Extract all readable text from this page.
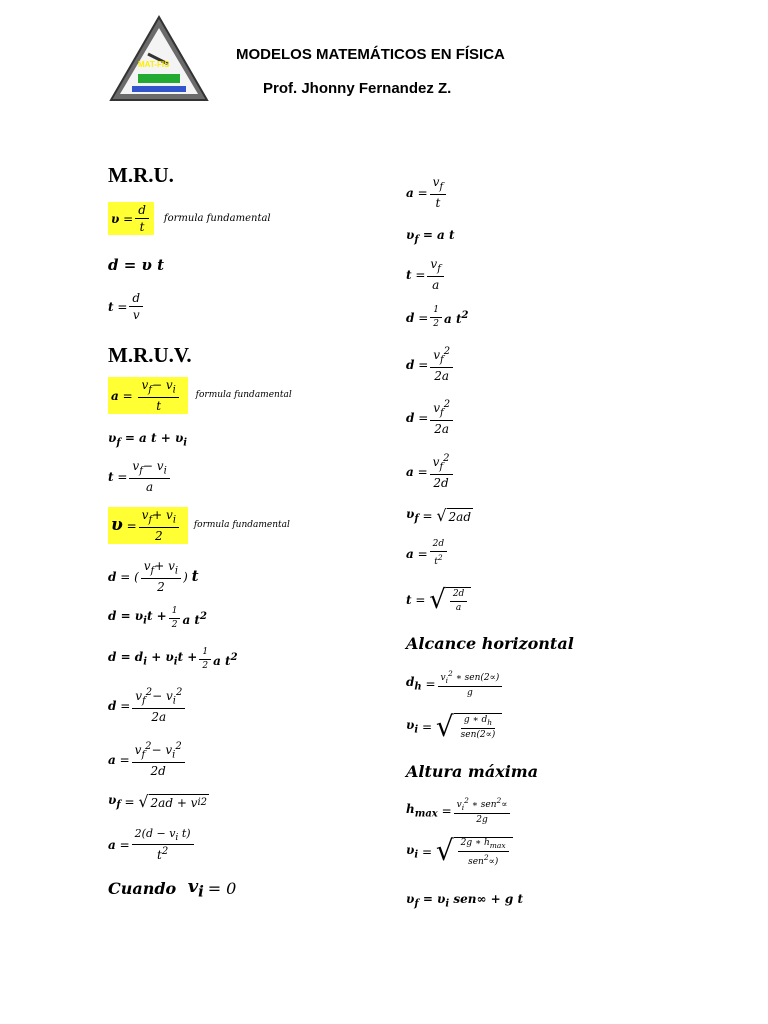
MAT-FIS
MODELOS MATEMÁTICOS EN FÍSICA
Prof. Jhonny Fernandez Z.
M.R.U.
$\upsilon = \frac{d}{t}$ formula fundamental
d = υ t
$t = \frac{d}{v}$
M.R.U.V.
$a = \frac{v_f- v_i}{t}$
formula fundamental
$\upsilon_f = a$ $t + \upsilon_i$
$t = \frac{v_f- v_i}{a}$
$\upsilon = \frac{v_f+ v_i}{2}$
formula fundamental
d = ( $\frac{v_f+ v_i}{2}$ ) t
$d = \upsilon_it + \frac{1}{2}$ a $t^2$
$d = d_i + \upsilon_it + \frac{1}{2}$ a $t^2$
$d = \frac{v_f^2- v_i^2}{2a}$
$a = \frac{v_f^2- v_i^2}{2d}$
$\upsilon_f$ = √ 2ad + v i 2
$a = \frac{2(d - v_i t)}{t^2}$
Cuando
$v_i$
= 0
$a = \frac{v_f}{t}$
$\upsilon_f = a$ t
$t = \frac{v_f}{a}$
$d = \frac{1}{2}$ a $t^2$
$d = \frac{v_f^2}{2a}$
$d = \frac{v_f^2}{2a}$
$a = \frac{v_f^2}{2d}$
$\upsilon_f$ = √ 2ad
$a = \frac{2d}{t^2}$
t = √ $\frac{2d}{a}$
Alcance horizontal
$d_h = \frac{v_i^2 ∗ sen(2\propto)}{g}$
$\upsilon_i$ = √ $\frac{g ∗ d_h}{\text{sen(2∝)}}$
Altura máxima
$h_{max} = \frac{v_i^2 ∗ sen^2\propto}{2g}$
$\upsilon_i$ = √ $\frac{2g ∗ h_{max}}{sen^2\propto)}$
$\upsilon_f = \upsilon_i$ sen∞ + g t
